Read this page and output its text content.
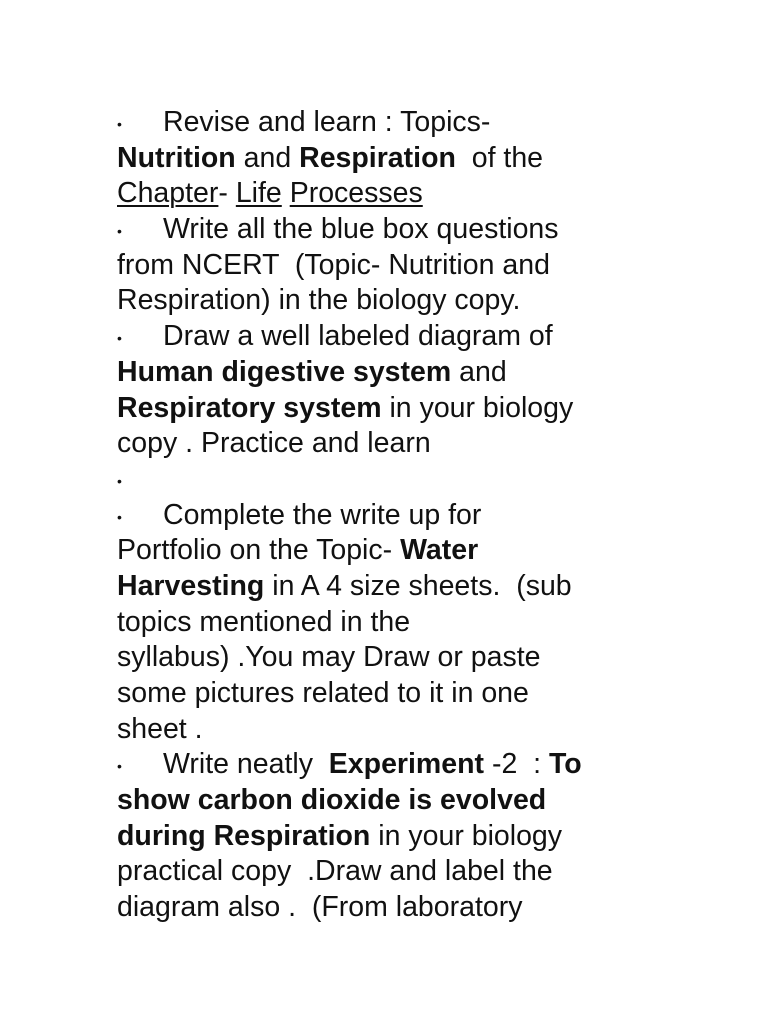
• Revise and learn : Topics-
Nutrition and Respiration  of the
Chapter- Life Processes
• Write all the blue box questions
from NCERT  (Topic- Nutrition and
Respiration) in the biology copy.
• Draw a well labeled diagram of
Human digestive system and
Respiratory system in your biology
copy . Practice and learn
•
• Complete the write up for
Portfolio on the Topic- Water
Harvesting in A 4 size sheets.  (sub
topics mentioned in the
syllabus) .You may Draw or paste
some pictures related to it in one
sheet .
• Write neatly  Experiment -2  : To
show carbon dioxide is evolved
during Respiration in your biology
practical copy  .Draw and label the
diagram also .  (From laboratory
